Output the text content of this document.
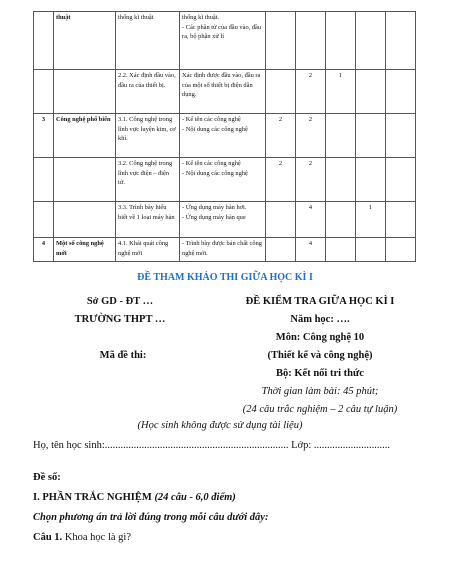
	thuật	thống kĩ thuật	thống kĩ thuật.
- Các phần tử của đầu vào, đầu ra, bộ phận xử lí					
		2.2. Xác định đầu vào, đầu ra của thiết bị.	Xác định được đầu vào, đầu ra của một số thiết bị điện dân dụng.		2	1		
3	Công nghệ phổ biến	3.1. Công nghệ trong lĩnh vực luyện kim, cơ khí.	- Kể tên các công nghệ
- Nội dung các công nghệ	2	2			
		3.2. Công nghệ trong lĩnh vực điện – điện tử.	- Kể tên các công nghệ
- Nội dung các công nghệ	2	2			
		3.3. Trình bày hiểu biết về 1 loại máy hàn	- Ứng dụng máy hàn hơi.
- Ứng dụng máy hàn que		4		1	
4	Một số công nghệ mới	4.1. Khái quát công nghệ mới	- Trình bày được bản chất công nghệ mới.		4			
ĐỀ THAM KHẢO THI GIỮA HỌC KÌ I
Sở GD - ĐT …
TRƯỜNG THPT …
Mã đề thi:
ĐỀ KIỂM TRA GIỮA HỌC KÌ I
Năm học: ….
Môn: Công nghệ 10
(Thiết kế và công nghệ)
Bộ: Kết nối tri thức
Thời gian làm bài: 45 phút;
(24 câu trắc nghiệm – 2 câu tự luận)
(Học sinh không được sử dụng tài liệu)
Họ, tên học sinh:...................................................................... Lớp: .............................
Đề số:
I. PHẦN TRẮC NGHIỆM (24 câu - 6,0 điểm)
Chọn phương án trả lời đúng trong mỗi câu dưới đây:
Câu 1. Khoa học là gì?
